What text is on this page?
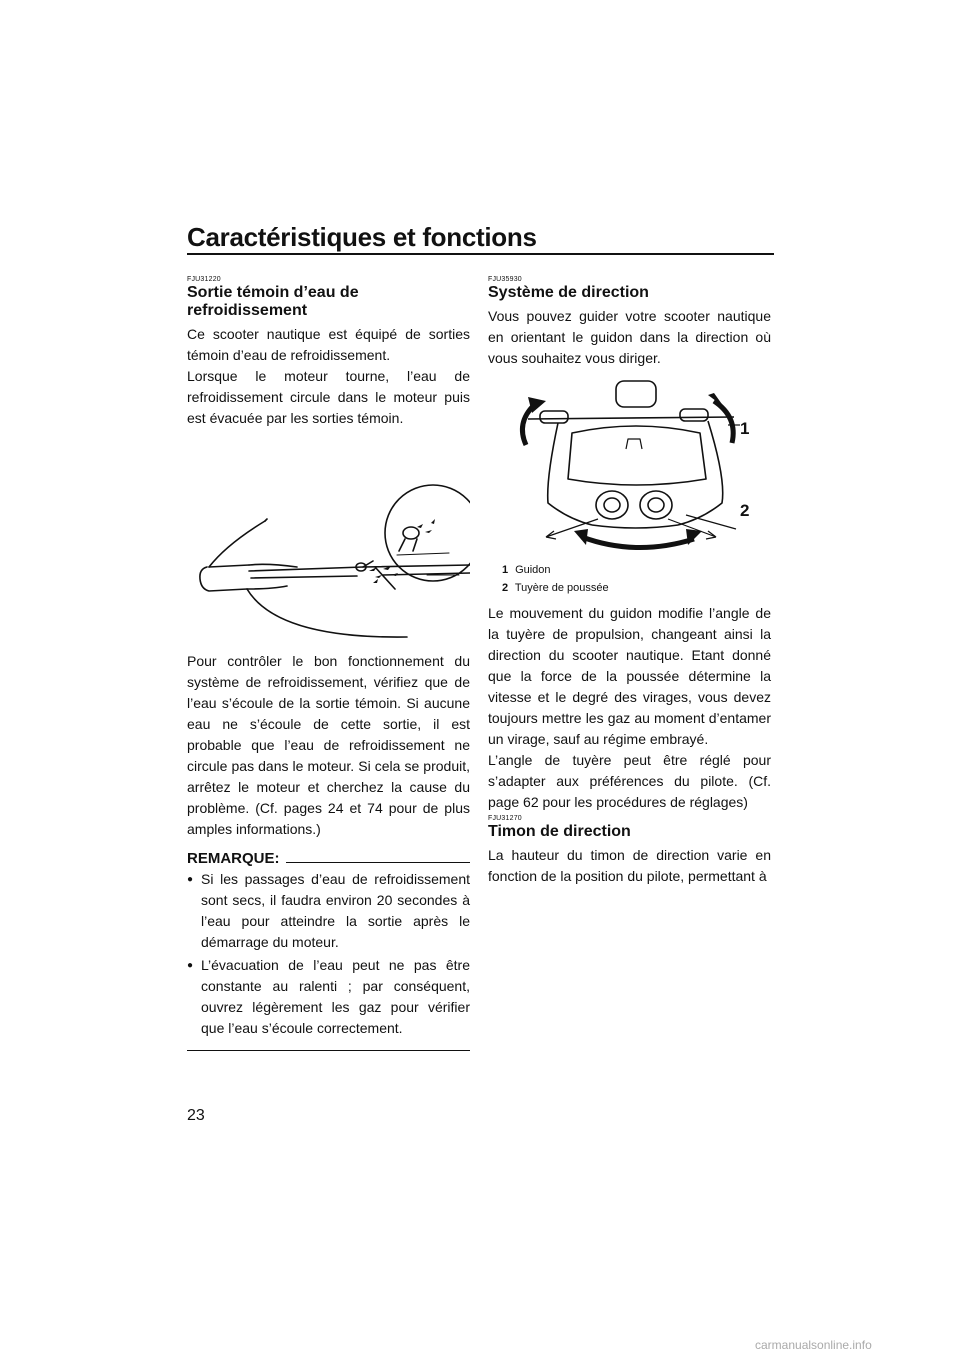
Caractéristiques et fonctions
FJU31220
Sortie témoin d’eau de
refroidissement

Ce scooter nautique est équipé de sorties témoin d’eau de refroidissement.

Lorsque le moteur tourne, l’eau de refroidissement circule dans le moteur puis est évacuée par les sorties témoin.

Pour contrôler le bon fonctionnement du système de refroidissement, vérifiez que de l’eau s’écoule de la sortie témoin. Si aucune eau ne s’écoule de cette sortie, il est probable que l’eau de refroidissement ne circule pas dans le moteur. Si cela se produit, arrêtez le moteur et cherchez la cause du problème. (Cf. pages 24 et 74 pour de plus amples informations.)

REMARQUE:
● Si les passages d’eau de refroidissement sont secs, il faudra environ 20 secondes à l’eau pour atteindre la sortie après le démarrage du moteur.
● L’évacuation de l’eau peut ne pas être constante au ralenti ; par conséquent, ouvrez légèrement les gaz pour vérifier que l’eau s’écoule correctement.
FJU35930
Système de direction

Vous pouvez guider votre scooter nautique en orientant le guidon dans la direction où vous souhaitez vous diriger.

1
2
1 Guidon
2 Tuyère de poussée

Le mouvement du guidon modifie l’angle de la tuyère de propulsion, changeant ainsi la direction du scooter nautique. Etant donné que la force de la poussée détermine la vitesse et le degré des virages, vous devez toujours mettre les gaz au moment d’entamer un virage, sauf au régime embrayé.

L’angle de tuyère peut être réglé pour s’adapter aux préférences du pilote. (Cf. page 62 pour les procédures de réglages)

FJU31270
Timon de direction

La hauteur du timon de direction varie en fonction de la position du pilote, permettant à

23
carmanualsonline.info
